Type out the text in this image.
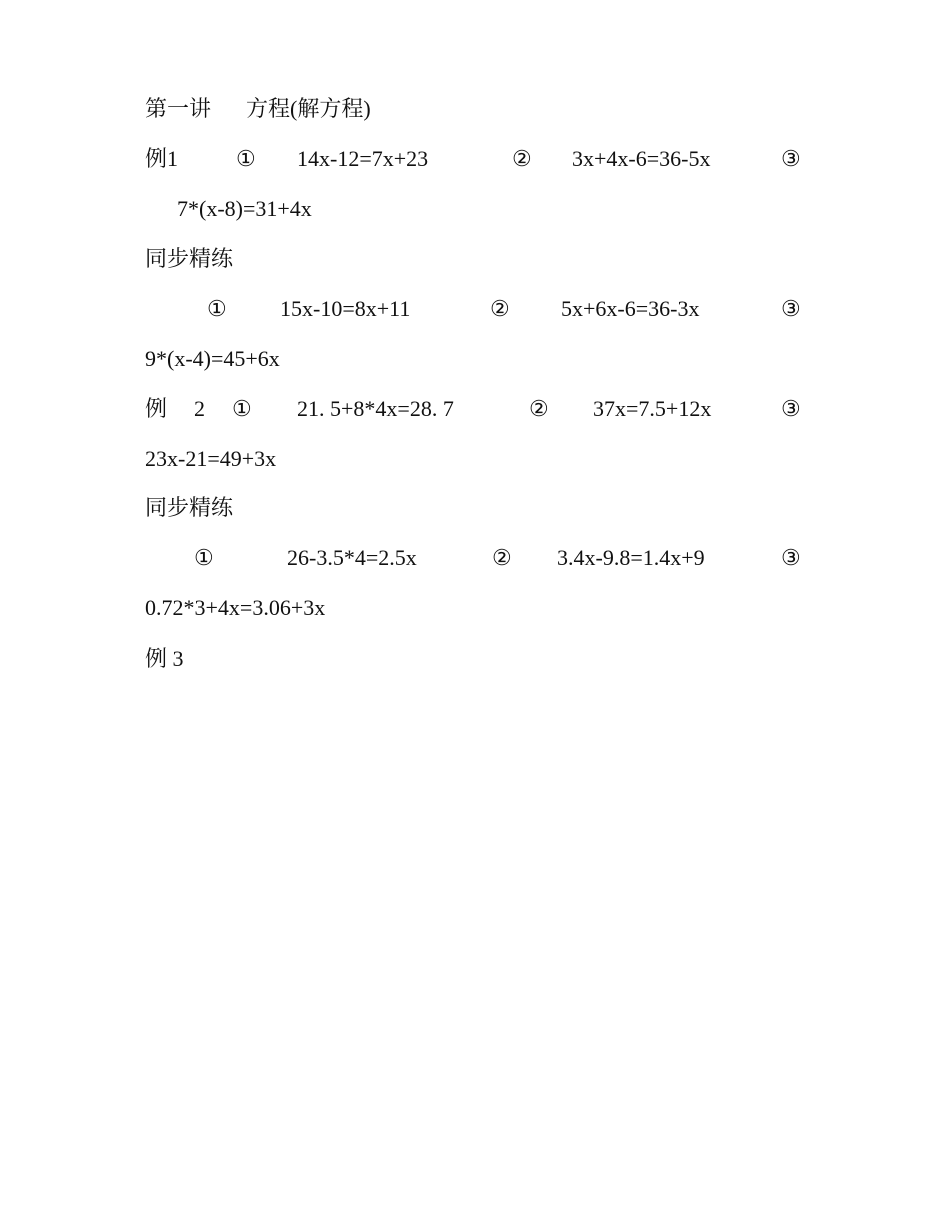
第一讲 方程(解方程)
例1	① 14x-12=7x+23	② 3x+4x-6=36-5x	③
7*(x-8)=31+4x
同步精练
① 15x-10=8x+11	② 5x+6x-6=36-3x	③
9*(x-4)=45+6x
例 2 ① 21. 5+8*4x=28. 7	② 37x=7.5+12x	③
23x-21=49+3x
同步精练
①	26-3.5*4=2.5x	② 3.4x-9.8=1.4x+9	③
0.72*3+4x=3.06+3x
例 3
